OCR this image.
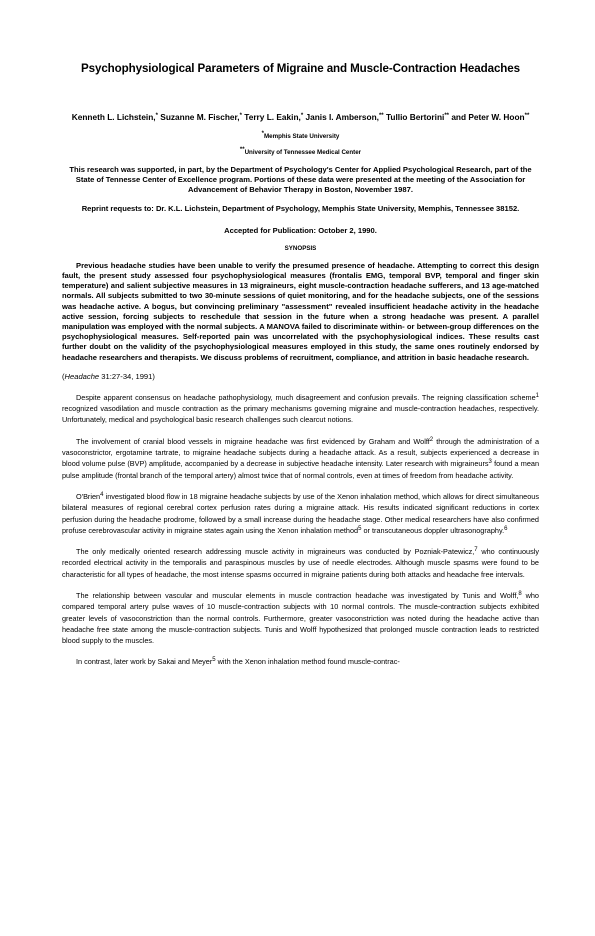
Psychophysiological Parameters of Migraine and Muscle-Contraction Headaches
Kenneth L. Lichstein,* Suzanne M. Fischer,* Terry L. Eakin,* Janis I. Amberson,** Tullio Bertorini** and Peter W. Hoon**
*Memphis State University
**University of Tennessee Medical Center
This research was supported, in part, by the Department of Psychology's Center for Applied Psychological Research, part of the State of Tennesse Center of Excellence program. Portions of these data were presented at the meeting of the Association for Advancement of Behavior Therapy in Boston, November 1987.
Reprint requests to: Dr. K.L. Lichstein, Department of Psychology, Memphis State University, Memphis, Tennessee 38152.
Accepted for Publication: October 2, 1990.
SYNOPSIS
Previous headache studies have been unable to verify the presumed presence of headache. Attempting to correct this design fault, the present study assessed four psychophysiological measures (frontalis EMG, temporal BVP, temporal and finger skin temperature) and salient subjective measures in 13 migraineurs, eight muscle-contraction headache sufferers, and 13 age-matched normals. All subjects submitted to two 30-minute sessions of quiet monitoring, and for the headache subjects, one of the sessions was headache active. A bogus, but convincing preliminary "assessment" revealed insufficient headache activity in the headache active session, forcing subjects to reschedule that session in the future when a strong headache was present. A parallel manipulation was employed with the normal subjects. A MANOVA failed to discriminate within- or between-group differences on the psychophysiological measures. Self-reported pain was uncorrelated with the psychophysiological indices. These results cast further doubt on the validity of the psychophysiological measures employed in this study, the same ones routinely endorsed by headache researchers and therapists. We discuss problems of recruitment, compliance, and attrition in basic headache research.
(Headache 31:27-34, 1991)

Despite apparent consensus on headache pathophysiology, much disagreement and confusion prevails. The reigning classification scheme$^1$ recognized vasodilation and muscle contraction as the primary mechanisms governing migraine and muscle-contraction headaches, respectively. Unfortunately, medical and psychological basic research challenges such clearcut notions.

The involvement of cranial blood vessels in migraine headache was first evidenced by Graham and Wolff$^2$ through the administration of a vasoconstrictor, ergotamine tartrate, to migraine headache subjects during a headache attack. As a result, subjects experienced a decrease in blood volume pulse (BVP) amplitude, accompanied by a decrease in subjective headache intensity. Later research with migraineurs$^3$ found a mean pulse amplitude (frontal branch of the temporal artery) almost twice that of normal controls, even at times of freedom from headache activity.

O'Brien$^4$ investigated blood flow in 18 migraine headache subjects by use of the Xenon inhalation method, which allows for direct simultaneous bilateral measures of regional cerebral cortex perfusion rates during a migraine attack. His results indicated significant reductions in cortex perfusion during the headache prodrome, followed by a small increase during the headache stage. Other medical researchers have also confirmed profuse cerebrovascular activity in migraine states again using the Xenon inhalation method$^5$ or transcutaneous doppler ultrasonography.$^6$

The only medically oriented research addressing muscle activity in migraineurs was conducted by Pozniak-Patewicz,$^7$ who continuously recorded electrical activity in the temporalis and paraspinous muscles by use of needle electrodes. Although muscle spasms were found to be characteristic for all types of headache, the most intense spasms occurred in migraine patients during both attacks and headache free intervals.

The relationship between vascular and muscular elements in muscle contraction headache was investigated by Tunis and Wolff,$^8$ who compared temporal artery pulse waves of 10 muscle-contraction subjects with 10 normal controls. The muscle-contraction subjects exhibited greater levels of vasoconstriction than the normal controls. Furthermore, greater vasoconstriction was noted during the headache active than headache free state among the muscle-contraction subjects. Tunis and Wolff hypothesized that prolonged muscle contraction leads to restricted blood supply to the muscles.

In contrast, later work by Sakai and Meyer$^5$ with the Xenon inhalation method found muscle-contrac-
